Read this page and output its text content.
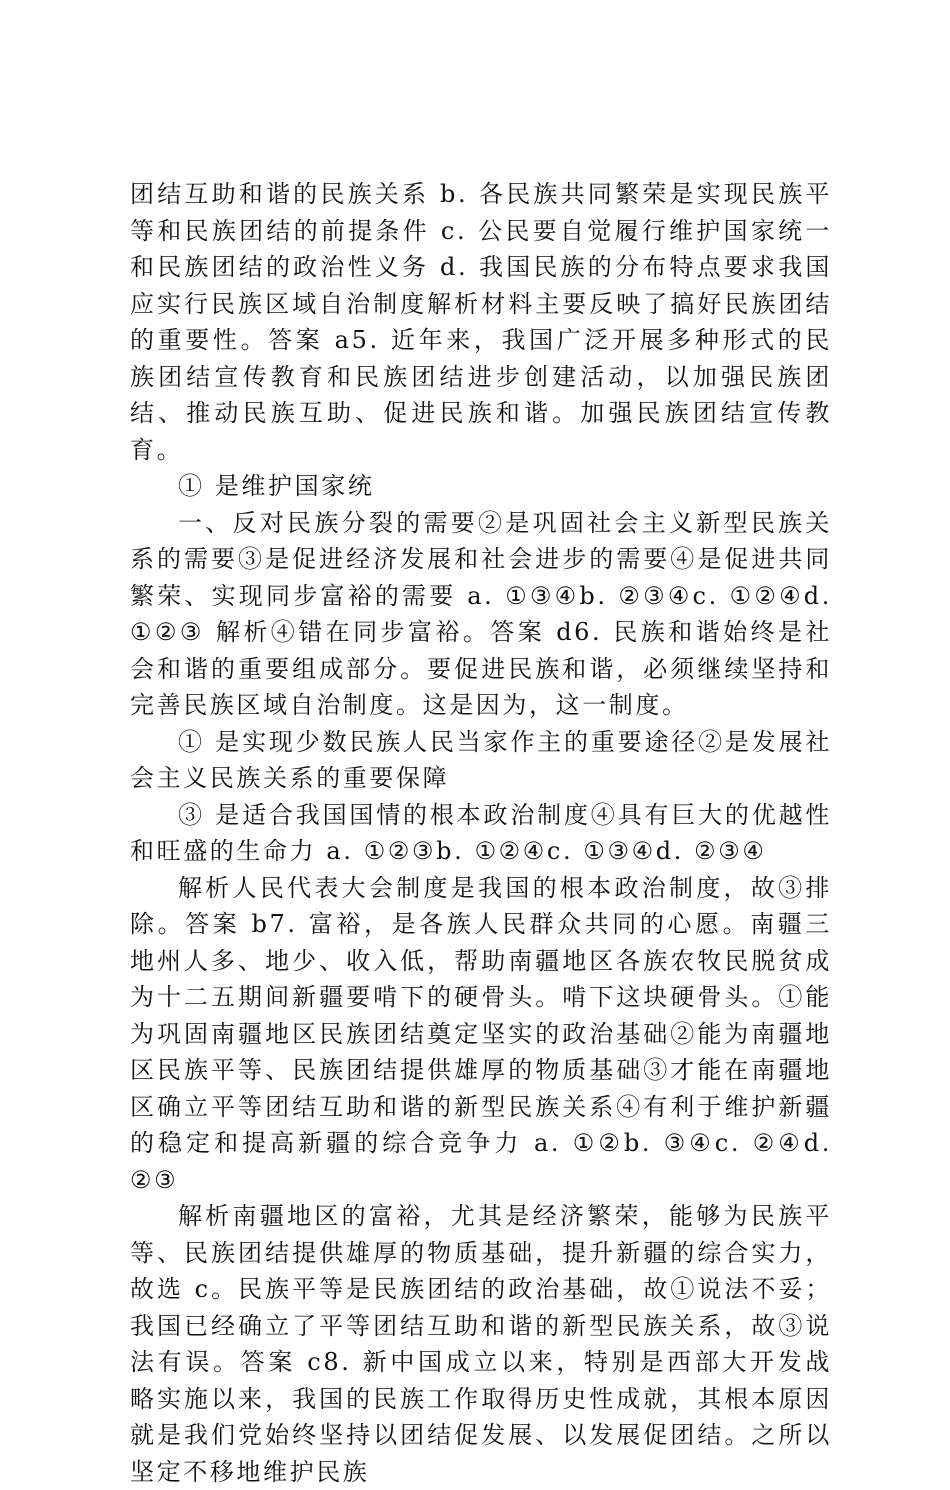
团结互助和谐的民族关系 b. 各民族共同繁荣是实现民族平等和民族团结的前提条件 c. 公民要自觉履行维护国家统一和民族团结的政治性义务 d. 我国民族的分布特点要求我国应实行民族区域自治制度解析材料主要反映了搞好民族团结的重要性。答案 a5. 近年来，我国广泛开展多种形式的民族团结宣传教育和民族团结进步创建活动，以加强民族团结、推动民族互助、促进民族和谐。加强民族团结宣传教育。

① 是维护国家统

一、反对民族分裂的需要②是巩固社会主义新型民族关系的需要③是促进经济发展和社会进步的需要④是促进共同繁荣、实现同步富裕的需要 a. ①③④b. ②③④c. ①②④d. ①②③ 解析④错在同步富裕。答案 d6. 民族和谐始终是社会和谐的重要组成部分。要促进民族和谐，必须继续坚持和完善民族区域自治制度。这是因为，这一制度。

① 是实现少数民族人民当家作主的重要途径②是发展社会主义民族关系的重要保障

③ 是适合我国国情的根本政治制度④具有巨大的优越性和旺盛的生命力 a. ①②③b. ①②④c. ①③④d. ②③④

解析人民代表大会制度是我国的根本政治制度，故③排除。答案 b7. 富裕，是各族人民群众共同的心愿。南疆三地州人多、地少、收入低，帮助南疆地区各族农牧民脱贫成为十二五期间新疆要啃下的硬骨头。啃下这块硬骨头。①能为巩固南疆地区民族团结奠定坚实的政治基础②能为南疆地区民族平等、民族团结提供雄厚的物质基础③才能在南疆地区确立平等团结互助和谐的新型民族关系④有利于维护新疆的稳定和提高新疆的综合竞争力 a. ①②b. ③④c. ②④d. ②③

解析南疆地区的富裕，尤其是经济繁荣，能够为民族平等、民族团结提供雄厚的物质基础，提升新疆的综合实力，故选 c。民族平等是民族团结的政治基础，故①说法不妥；我国已经确立了平等团结互助和谐的新型民族关系，故③说法有误。答案 c8. 新中国成立以来，特别是西部大开发战略实施以来，我国的民族工作取得历史性成就，其根本原因就是我们党始终坚持以团结促发展、以发展促团结。之所以坚定不移地维护民族
